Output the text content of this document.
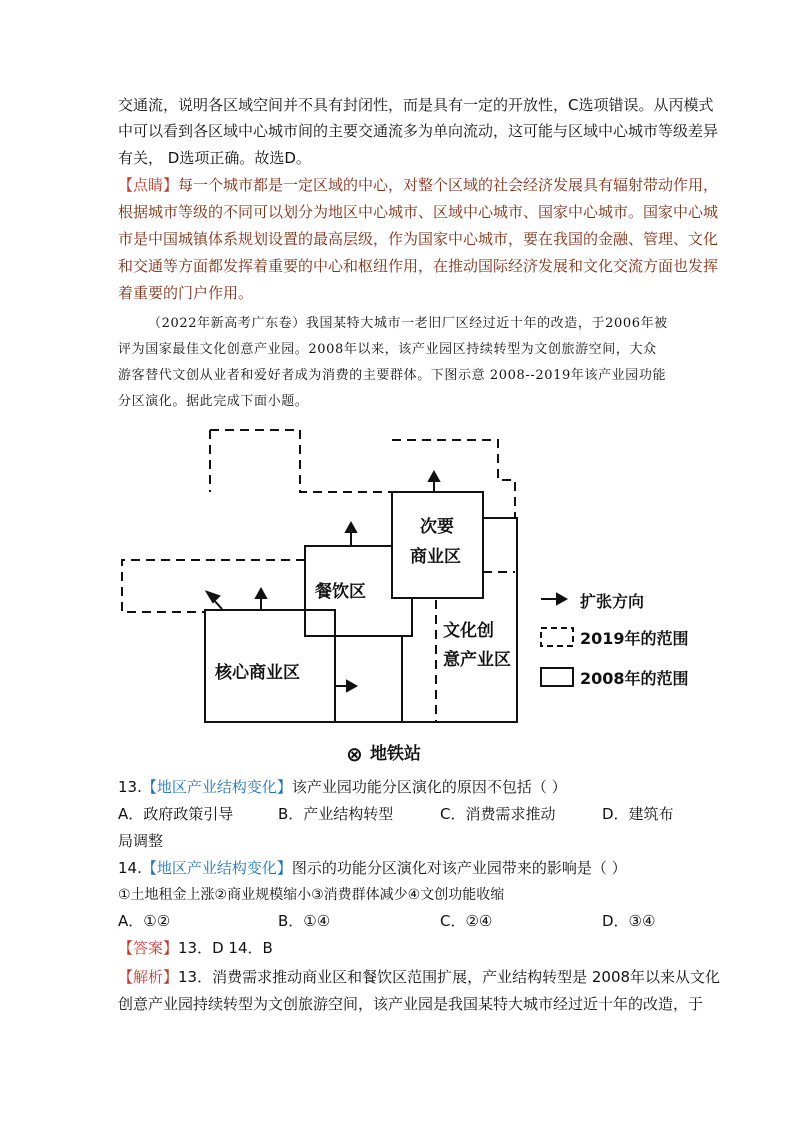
交通流，说明各区域空间并不具有封闭性，而是具有一定的开放性，C选项错误。从丙模式
中可以看到各区域中心城市间的主要交通流多为单向流动，这可能与区域中心城市等级差异
有关， D选项正确。故选D。
【点睛】每一个城市都是一定区域的中心，对整个区域的社会经济发展具有辐射带动作用，
根据城市等级的不同可以划分为地区中心城市、区域中心城市、国家中心城市。国家中心城
市是中国城镇体系规划设置的最高层级，作为国家中心城市，要在我国的金融、管理、文化
和交通等方面都发挥着重要的中心和枢纽作用，在推动国际经济发展和文化交流方面也发挥
着重要的门户作用。
（2022年新高考广东卷）我国某特大城市一老旧厂区经过近十年的改造，于2006年被
评为国家最佳文化创意产业园。2008年以来，该产业园区持续转型为文创旅游空间，大众
游客替代文创从业者和爱好者成为消费的主要群体。下图示意 2008--2019年该产业园功能
分区演化。据此完成下面小题。
核心商业区
餐饮区
次要
商业区
文化创
意产业区
扩张方向
2019年的范围
2008年的范围
⊗ 地铁站
13.【地区产业结构变化】该产业园功能分区演化的原因不包括（ ）
A．政府政策引导	B．产业结构转型	C．消费需求推动	D．建筑布
局调整
14.【地区产业结构变化】图示的功能分区演化对该产业园带来的影响是（ ）
①土地租金上涨②商业规模缩小③消费群体减少④文创功能收缩
A．①②	B．①④	C．②④	D．③④
【答案】13．D 14．B
【解析】13．消费需求推动商业区和餐饮区范围扩展，产业结构转型是 2008年以来从文化
创意产业园持续转型为文创旅游空间，该产业园是我国某特大城市经过近十年的改造，于
